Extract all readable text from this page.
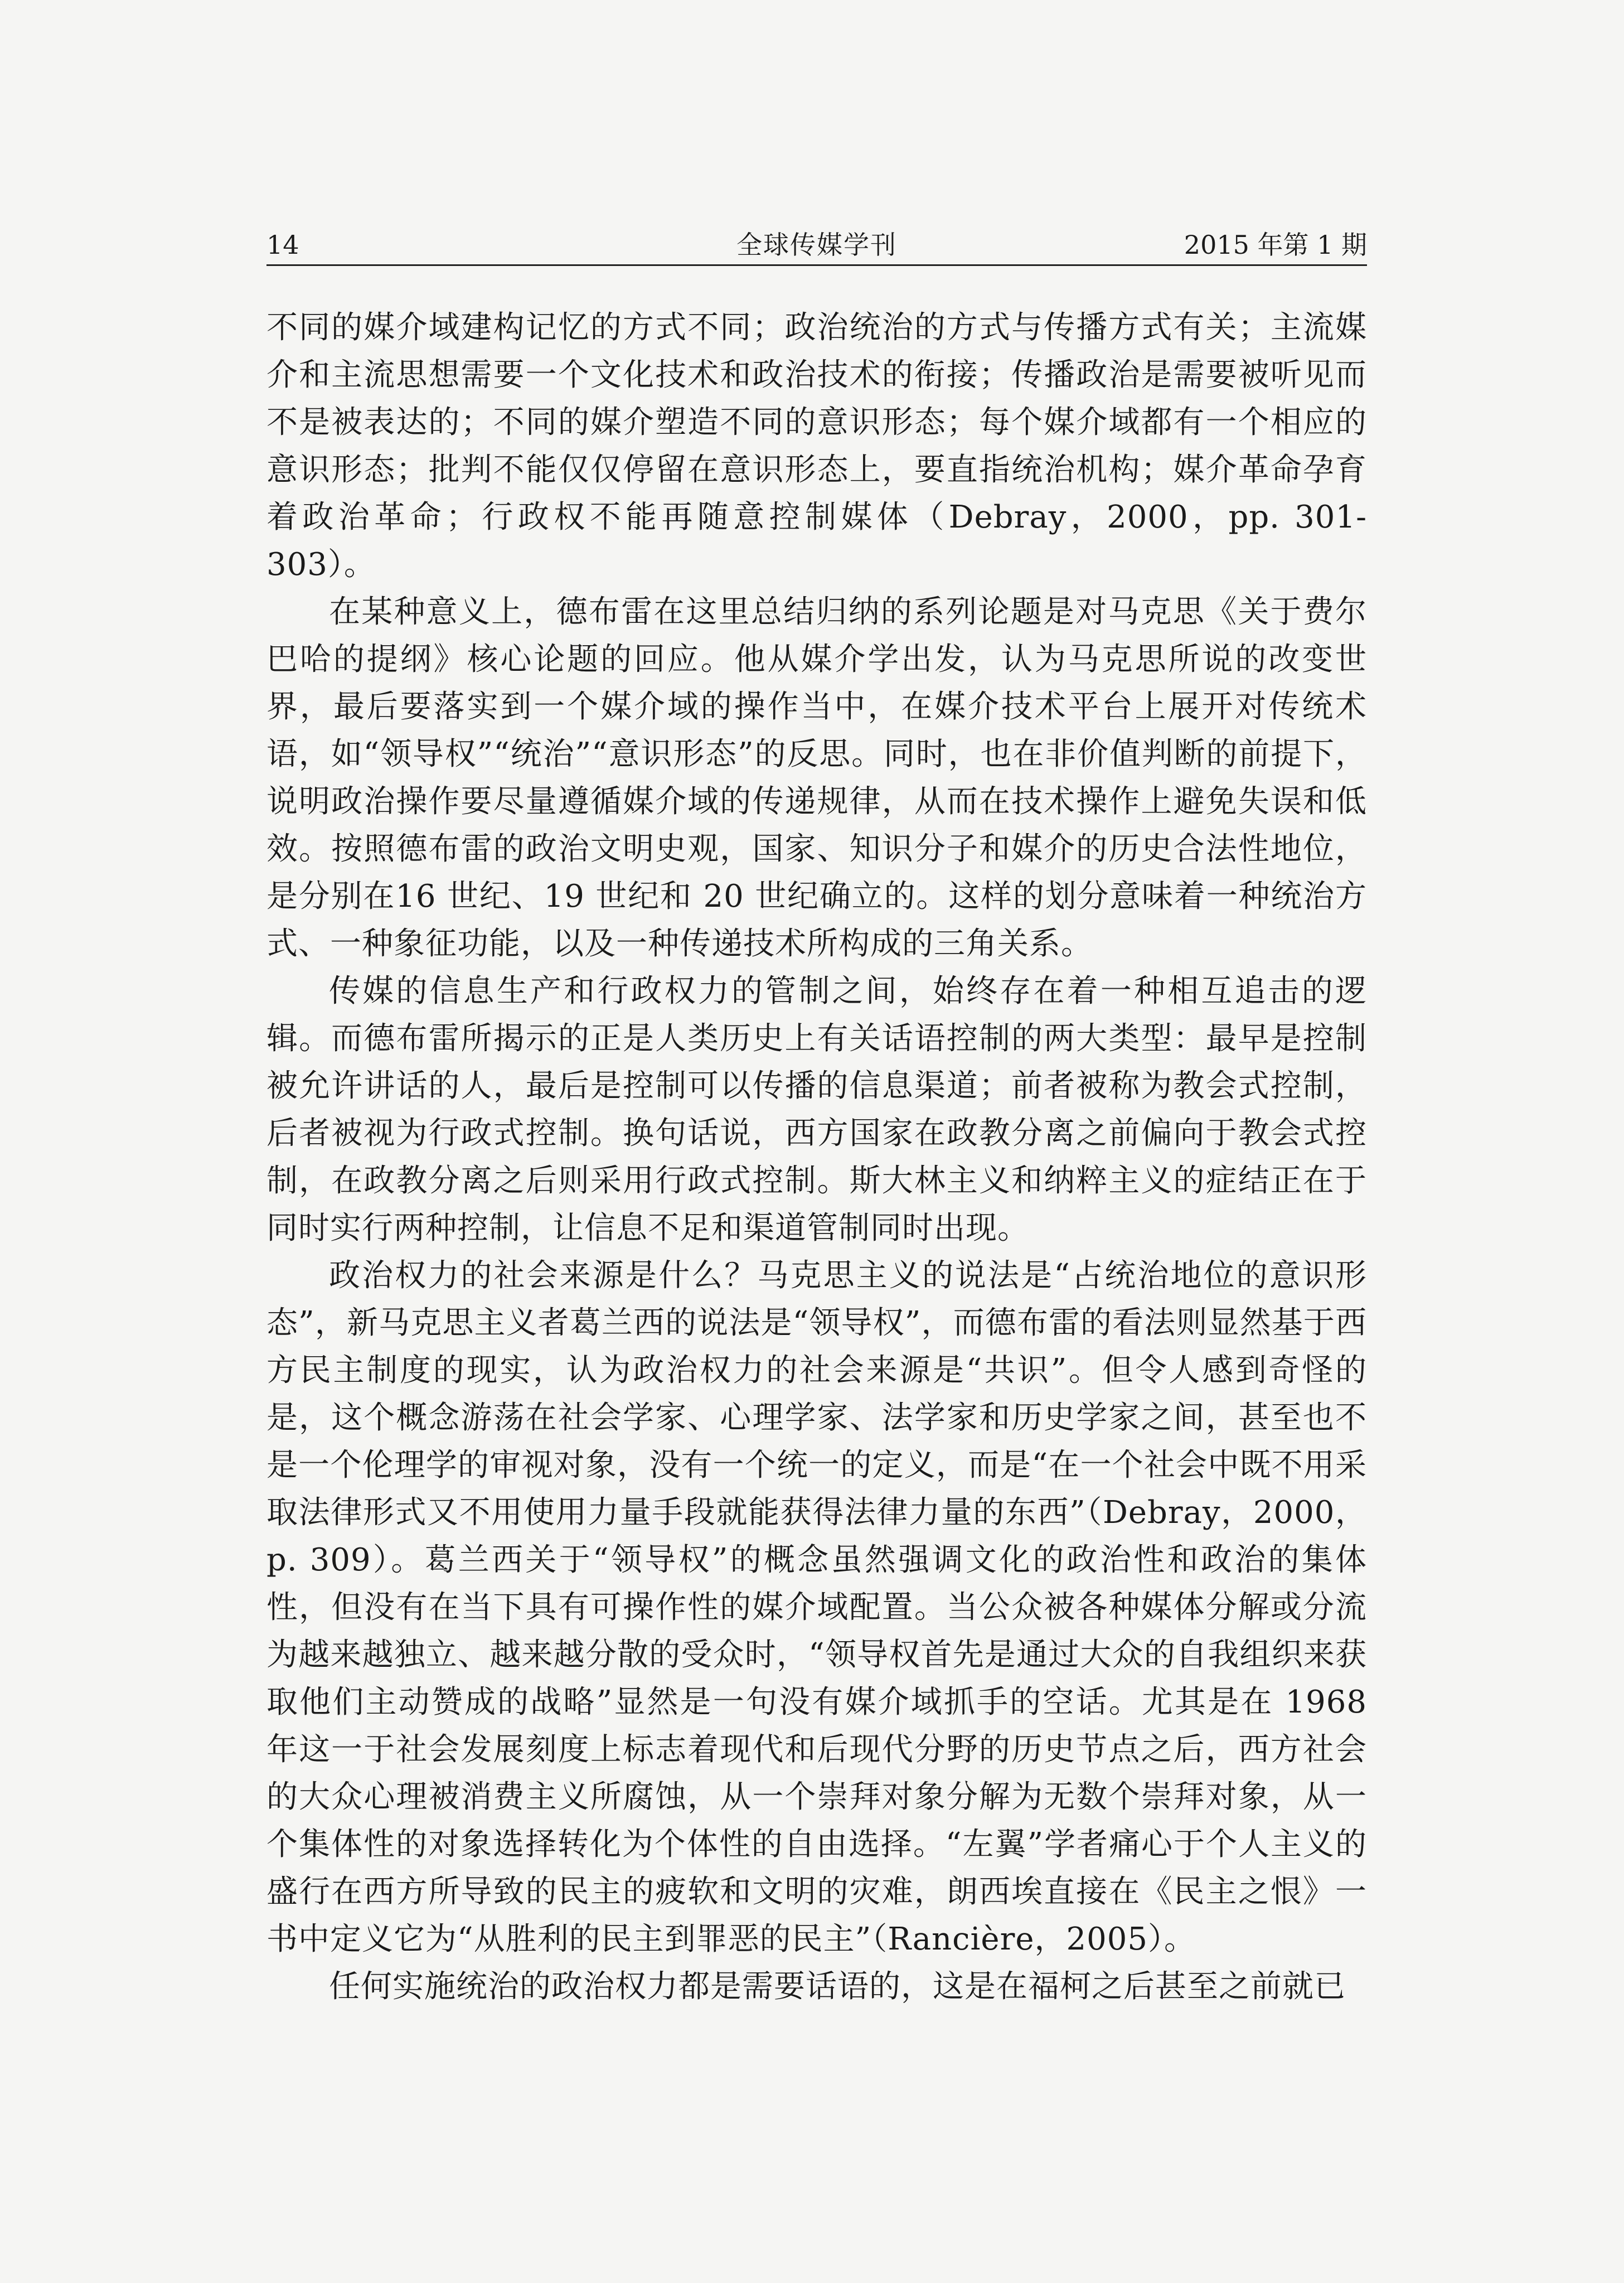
14	全球传媒学刊	2015 年第 1 期

不同的媒介域建构记忆的方式不同；政治统治的方式与传播方式有关；主流媒介和主流思想需要一个文化技术和政治技术的衔接；传播政治是需要被听见而不是被表达的；不同的媒介塑造不同的意识形态；每个媒介域都有一个相应的意识形态；批判不能仅仅停留在意识形态上，要直指统治机构；媒介革命孕育着政治革命；行政权不能再随意控制媒体（Debray，2000，pp. 301-303）。

在某种意义上，德布雷在这里总结归纳的系列论题是对马克思《关于费尔巴哈的提纲》核心论题的回应。他从媒介学出发，认为马克思所说的改变世界，最后要落实到一个媒介域的操作当中，在媒介技术平台上展开对传统术语，如“领导权”“统治”“意识形态”的反思。同时，也在非价值判断的前提下，说明政治操作要尽量遵循媒介域的传递规律，从而在技术操作上避免失误和低效。按照德布雷的政治文明史观，国家、知识分子和媒介的历史合法性地位，是分别在16 世纪、19 世纪和 20 世纪确立的。这样的划分意味着一种统治方式、一种象征功能，以及一种传递技术所构成的三角关系。

传媒的信息生产和行政权力的管制之间，始终存在着一种相互追击的逻辑。而德布雷所揭示的正是人类历史上有关话语控制的两大类型：最早是控制被允许讲话的人，最后是控制可以传播的信息渠道；前者被称为教会式控制，后者被视为行政式控制。换句话说，西方国家在政教分离之前偏向于教会式控制，在政教分离之后则采用行政式控制。斯大林主义和纳粹主义的症结正在于同时实行两种控制，让信息不足和渠道管制同时出现。

政治权力的社会来源是什么？马克思主义的说法是“占统治地位的意识形态”，新马克思主义者葛兰西的说法是“领导权”，而德布雷的看法则显然基于西方民主制度的现实，认为政治权力的社会来源是“共识”。但令人感到奇怪的是，这个概念游荡在社会学家、心理学家、法学家和历史学家之间，甚至也不是一个伦理学的审视对象，没有一个统一的定义，而是“在一个社会中既不用采取法律形式又不用使用力量手段就能获得法律力量的东西”（Debray，2000，p. 309）。葛兰西关于“领导权”的概念虽然强调文化的政治性和政治的集体性，但没有在当下具有可操作性的媒介域配置。当公众被各种媒体分解或分流为越来越独立、越来越分散的受众时，“领导权首先是通过大众的自我组织来获取他们主动赞成的战略”显然是一句没有媒介域抓手的空话。尤其是在 1968 年这一于社会发展刻度上标志着现代和后现代分野的历史节点之后，西方社会的大众心理被消费主义所腐蚀，从一个崇拜对象分解为无数个崇拜对象，从一个集体性的对象选择转化为个体性的自由选择。“左翼”学者痛心于个人主义的盛行在西方所导致的民主的疲软和文明的灾难，朗西埃直接在《民主之恨》一书中定义它为“从胜利的民主到罪恶的民主”（Rancière，2005）。

任何实施统治的政治权力都是需要话语的，这是在福柯之后甚至之前就已
